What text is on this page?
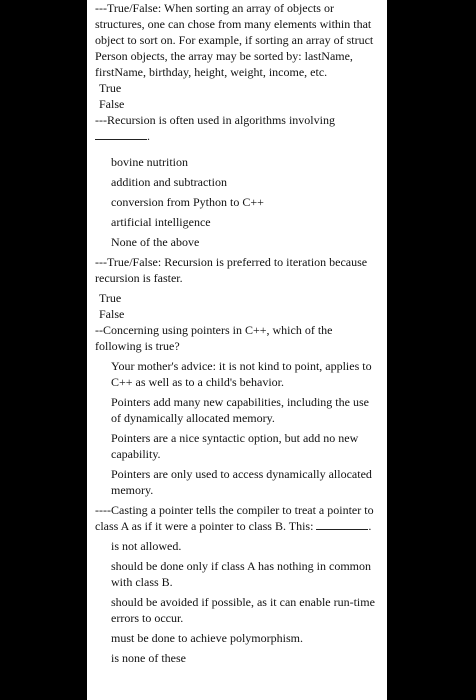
---True/False: When sorting an array of objects or structures, one can chose from many elements within that object to sort on. For example, if sorting an array of struct Person objects, the array may be sorted by: lastName, firstName, birthday, height, weight, income, etc.

True

False

---Recursion is often used in algorithms involving
.

bovine nutrition

addition and subtraction

conversion from Python to C++

artificial intelligence

None of the above

---True/False: Recursion is preferred to iteration because recursion is faster.

True

False

--Concerning using pointers in C++, which of the following is true?

Your mother's advice: it is not kind to point, applies to C++ as well as to a child's behavior.

Pointers add many new capabilities, including the use of dynamically allocated memory.

Pointers are a nice syntactic option, but add no new capability.

Pointers are only used to access dynamically allocated memory.

----Casting a pointer tells the compiler to treat a pointer to class A as if it were a pointer to class B. This:	.

is not allowed.

should be done only if class A has nothing in common with class B.

should be avoided if possible, as it can enable run-time errors to occur.

must be done to achieve polymorphism.

is none of these
